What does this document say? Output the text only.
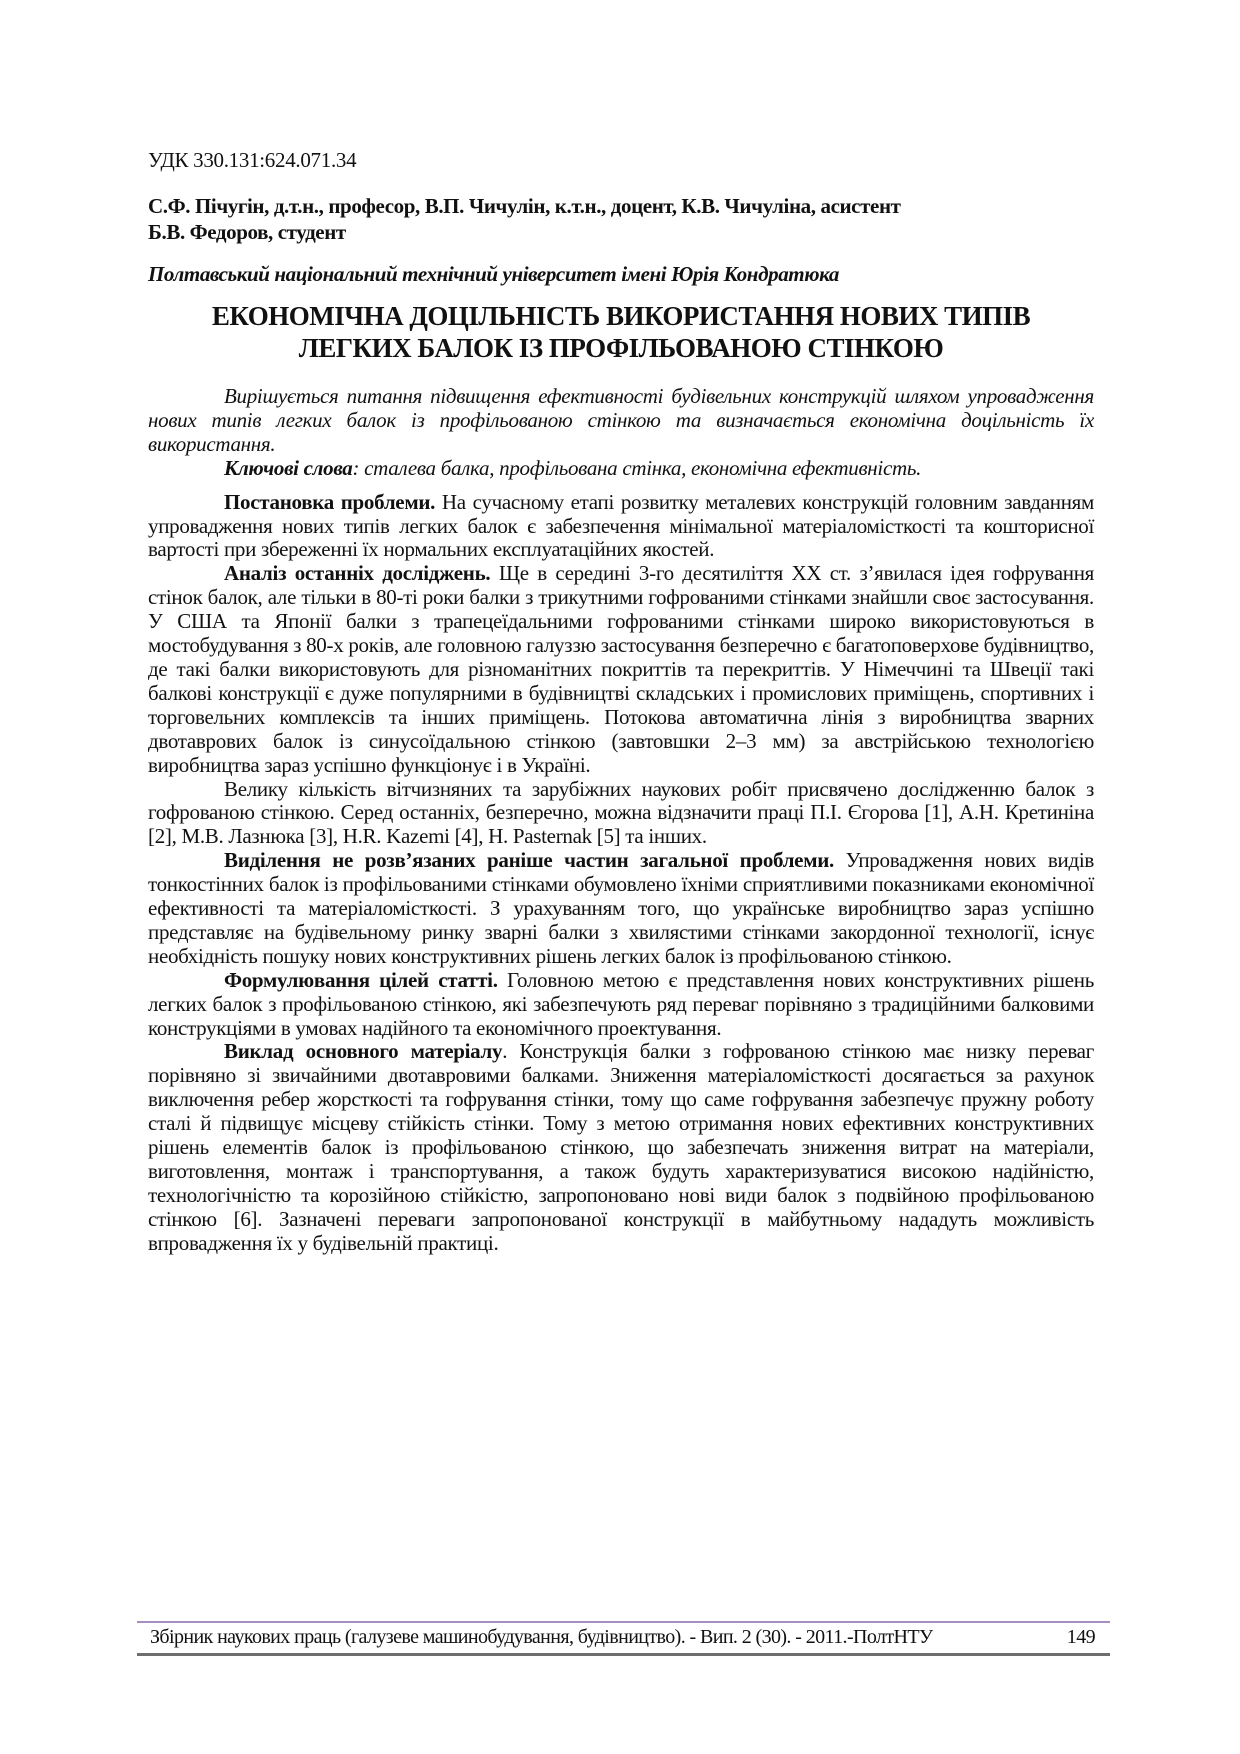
УДК 330.131:624.071.34
С.Ф. Пічугін, д.т.н., професор, В.П. Чичулін, к.т.н., доцент, К.В. Чичуліна, асистент
Б.В. Федоров, студент
Полтавський національний технічний університет імені Юрія Кондратюка
ЕКОНОМІЧНА ДОЦІЛЬНІСТЬ ВИКОРИСТАННЯ НОВИХ ТИПІВ
ЛЕГКИХ БАЛОК ІЗ ПРОФІЛЬОВАНОЮ СТІНКОЮ

Вирішується питання підвищення ефективності будівельних конструкцій шляхом упровадження нових типів легких балок із профільованою стінкою та визначається економічна доцільність їх використання.

Ключові слова: сталева балка, профільована стінка, економічна ефективність.

Постановка проблеми. На сучасному етапі розвитку металевих конструкцій головним завданням упровадження нових типів легких балок є забезпечення мінімальної матеріаломісткості та кошторисної вартості при збереженні їх нормальних експлуатаційних якостей.

Аналіз останніх досліджень. Ще в середині 3-го десятиліття XX ст. з’явилася ідея гофрування стінок балок, але тільки в 80-ті роки балки з трикутними гофрованими стінками знайшли своє застосування. У США та Японії балки з трапецеїдальними гофрованими стінками широко використовуються в мостобудування з 80-х років, але головною галуззю застосування безперечно є багатоповерхове будівництво, де такі балки використовують для різноманітних покриттів та перекриттів. У Німеччині та Швеції такі балкові конструкції є дуже популярними в будівництві складських і промислових приміщень, спортивних і торговельних комплексів та інших приміщень. Потокова автоматична лінія з виробництва зварних двотаврових балок із синусоїдальною стінкою (завтовшки 2–3 мм) за австрійською технологією виробництва зараз успішно функціонує і в Україні.

Велику кількість вітчизняних та зарубіжних наукових робіт присвячено дослідженню балок з гофрованою стінкою. Серед останніх, безперечно, можна відзначити праці П.І. Єгорова [1], А.Н. Кретиніна [2], М.В. Лазнюка [3], H.R. Kazemi [4], H. Pasternak [5] та інших.

Виділення не розв’язаних раніше частин загальної проблеми. Упровадження нових видів тонкостінних балок із профільованими стінками обумовлено їхніми сприятливими показниками економічної ефективності та матеріаломісткості. З урахуванням того, що українське виробництво зараз успішно представляє на будівельному ринку зварні балки з хвилястими стінками закордонної технології, існує необхідність пошуку нових конструктивних рішень легких балок із профільованою стінкою.

Формулювання цілей статті. Головною метою є представлення нових конструктивних рішень легких балок з профільованою стінкою, які забезпечують ряд переваг порівняно з традиційними балковими конструкціями в умовах надійного та економічного проектування.

Виклад основного матеріалу. Конструкція балки з гофрованою стінкою має низку переваг порівняно зі звичайними двотавровими балками. Зниження матеріаломісткості досягається за рахунок виключення ребер жорсткості та гофрування стінки, тому що саме гофрування забезпечує пружну роботу сталі й підвищує місцеву стійкість стінки. Тому з метою отримання нових ефективних конструктивних рішень елементів балок із профільованою стінкою, що забезпечать зниження витрат на матеріали, виготовлення, монтаж і транспортування, а також будуть характеризуватися високою надійністю, технологічністю та корозійною стійкістю, запропоновано нові види балок з подвійною профільованою стінкою [6]. Зазначені переваги запропонованої конструкції в майбутньому нададуть можливість впровадження їх у будівельній практиці.

Збірник наукових праць (галузеве машинобудування, будівництво). - Вип. 2 (30). - 2011.-ПолтНТУ	149
